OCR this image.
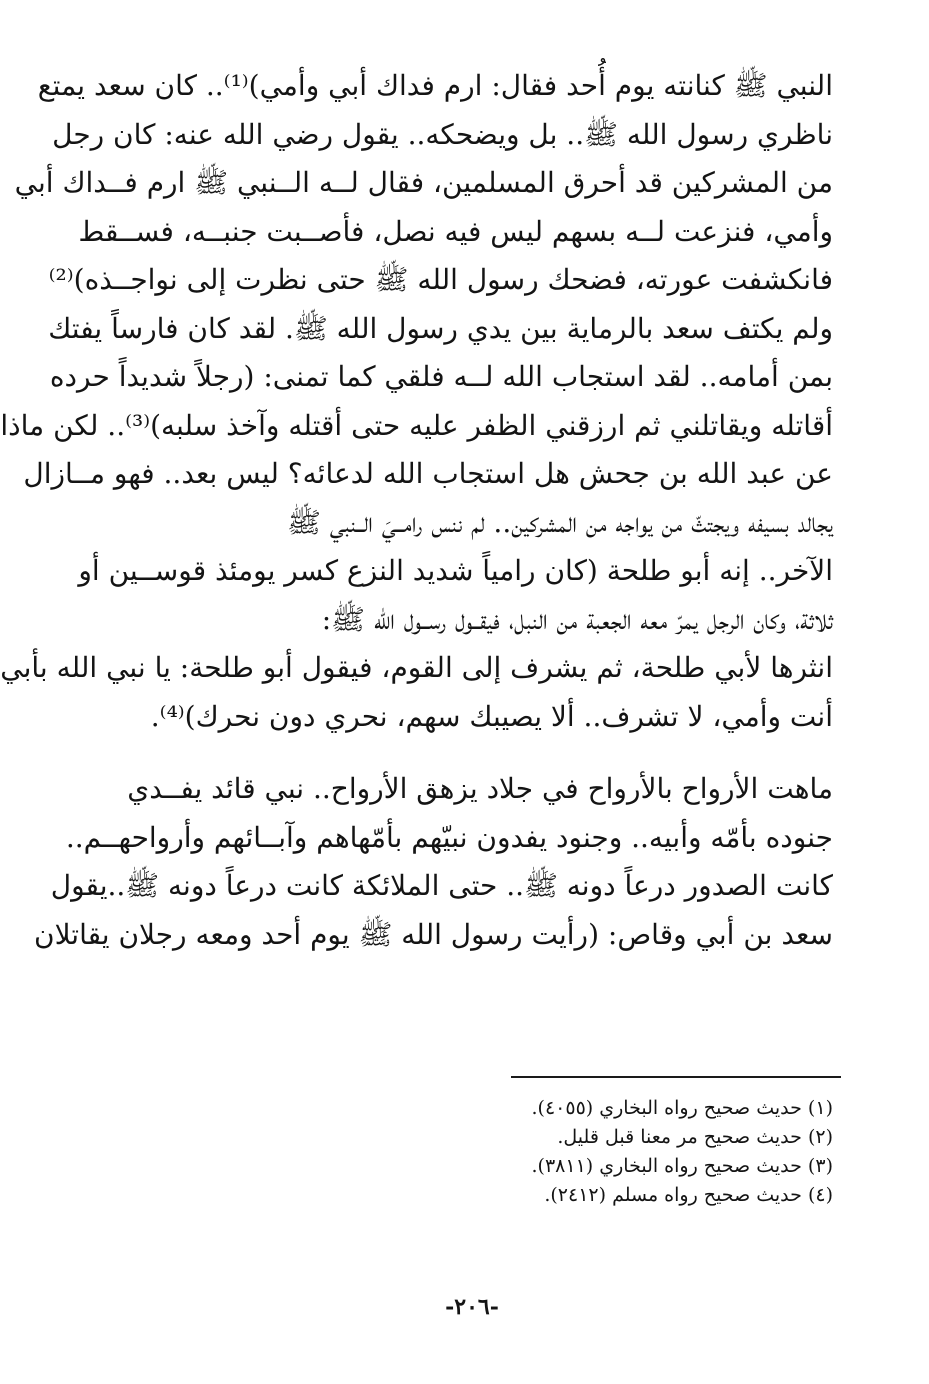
النبي ﷺ كنانته يوم أُحد فقال: ارم فداك أبي وأمي)⁽¹⁾.. كان سعد يمتع
ناظري رسول الله ﷺ.. بل ويضحكه.. يقول رضي الله عنه: كان رجل
من المشركين قد أحرق المسلمين، فقال لــه الــنبي ﷺ ارم فــداك أبي
وأمي، فنزعت لــه بسهم ليس فيه نصل، فأصــبت جنبــه، فســقط
فانكشفت عورته، فضحك رسول الله ﷺ حتى نظرت إلى نواجــذه)⁽²⁾
ولم يكتف سعد بالرماية بين يدي رسول الله ﷺ. لقد كان فارساً يفتك
بمن أمامه.. لقد استجاب الله لــه فلقي كما تمنى: (رجلاً شديداً حرده
أقاتله ويقاتلني ثم ارزقني الظفر عليه حتى أقتله وآخذ سلبه)⁽³⁾.. لكن ماذا
عن عبد الله بن جحش هل استجاب الله لدعائه؟ ليس بعد.. فهو مــازال
يجالد بسيفه ويجتثّ من يواجه من المشركين.. لم ننس رامــيَ الــنبي ﷺ
الآخر.. إنه أبو طلحة (كان رامياً شديد النزع كسر يومئذ قوســين أو
ثلاثة، وكان الرجل يمرّ معه الجعبة من النبل، فيقــول رســول الله ﷺ:
انثرها لأبي طلحة، ثم يشرف إلى القوم، فيقول أبو طلحة: يا نبي الله بأبي
أنت وأمي، لا تشرف.. ألا يصيبك سهم، نحري دون نحرك)⁽⁴⁾.
ماهت الأرواح بالأرواح في جلاد يزهق الأرواح.. نبي قائد يفــدي
جنوده بأمّه وأبيه.. وجنود يفدون نبيّهم بأمّهاهم وآبــائهم وأرواحهــم..
كانت الصدور درعاً دونه ﷺ.. حتى الملائكة كانت درعاً دونه ﷺ..يقول
سعد بن أبي وقاص: (رأيت رسول الله ﷺ يوم أحد ومعه رجلان يقاتلان
(١) حديث صحيح رواه البخاري (٤٠٥٥).
(٢) حديث صحيح مر معنا قبل قليل.
(٣) حديث صحيح رواه البخاري (٣٨١١).
(٤) حديث صحيح رواه مسلم (٢٤١٢).
-٢٠٦-
